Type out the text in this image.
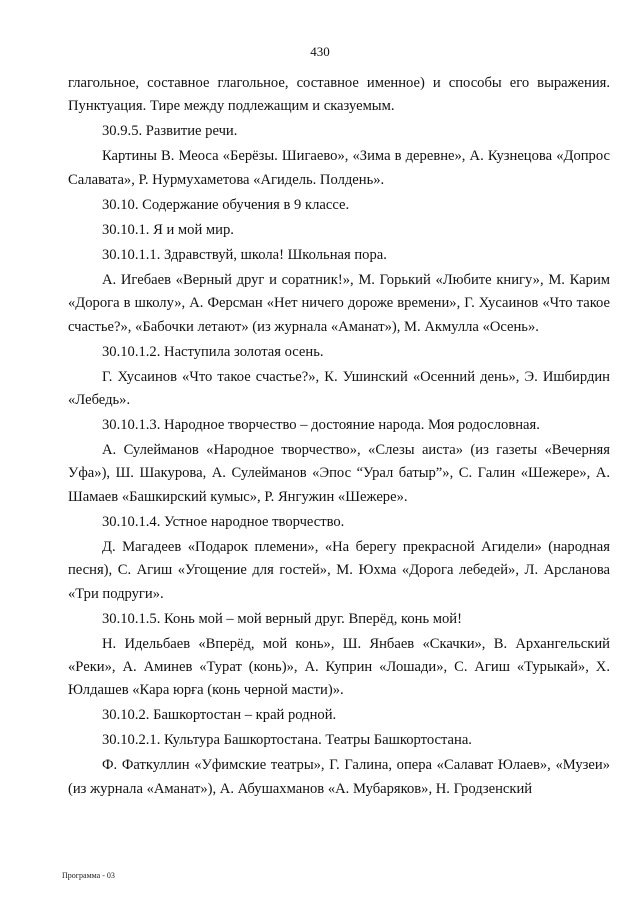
430

глагольное, составное глагольное, составное именное) и способы его выражения. Пунктуация. Тире между подлежащим и сказуемым.

30.9.5. Развитие речи.

Картины В. Меоса «Берёзы. Шигаево», «Зима в деревне», А. Кузнецова «Допрос Салавата», Р. Нурмухаметова «Агидель. Полдень».

30.10. Содержание обучения в 9 классе.

30.10.1. Я и мой мир.

30.10.1.1. Здравствуй, школа! Школьная пора.

А. Игебаев «Верный друг и соратник!», М. Горький «Любите книгу», М. Карим «Дорога в школу», А. Ферсман «Нет ничего дороже времени», Г. Хусаинов «Что такое счастье?», «Бабочки летают» (из журнала «Аманат»), М. Акмулла «Осень».

30.10.1.2. Наступила золотая осень.

Г. Хусаинов «Что такое счастье?», К. Ушинский «Осенний день», Э. Ишбирдин «Лебедь».

30.10.1.3. Народное творчество – достояние народа. Моя родословная.

А. Сулейманов «Народное творчество», «Слезы аиста» (из газеты «Вечерняя Уфа»), Ш. Шакурова, А. Сулейманов «Эпос “Урал батыр”», С. Галин «Шежере», А. Шамаев «Башкирский кумыс», Р. Янгужин «Шежере».

30.10.1.4. Устное народное творчество.

Д. Магадеев «Подарок племени», «На берегу прекрасной Агидели» (народная песня), С. Агиш «Угощение для гостей», М. Юхма «Дорога лебедей», Л. Арсланова «Три подруги».

30.10.1.5. Конь мой – мой верный друг. Вперёд, конь мой!

Н. Идельбаев «Вперёд, мой конь», Ш. Янбаев «Скачки», В. Архангельский «Реки», А. Аминев «Турат (конь)», А. Куприн «Лошади», С. Агиш «Турыкай», Х. Юлдашев «Кара юрға (конь черной масти)».

30.10.2. Башкортостан – край родной.

30.10.2.1. Культура Башкортостана. Театры Башкортостана.

Ф. Фаткуллин «Уфимские театры», Г. Галина, опера «Салават Юлаев», «Музеи» (из журнала «Аманат»), А. Абушахманов «А. Мубаряков», Н. Гродзенский

Программа - 03
